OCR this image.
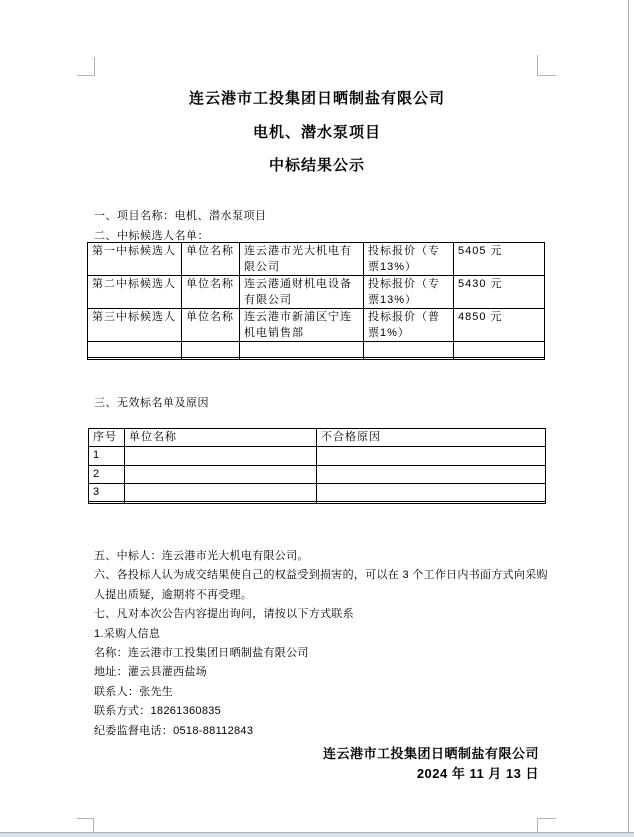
连云港市工投集团日晒制盐有限公司
电机、潜水泵项目
中标结果公示
一、项目名称：电机、潜水泵项目
二、中标候选人名单：
三、无效标名单及原因
第一中标候选人	单位名称	连云港市光大机电有限公司	投标报价（专票13%）	5405 元
第二中标候选人	单位名称	连云港通财机电设备有限公司	投标报价（专票13%）	5430 元
第三中标候选人	单位名称	连云港市新浦区宁连机电销售部	投标报价（普票1%）	4850 元

序号	单位名称	不合格原因
1		
2		
3		

五、中标人：连云港市光大机电有限公司。
六、各投标人认为成交结果使自己的权益受到损害的，可以在 3 个工作日内书面方式向采购
人提出质疑，逾期将不再受理。
七、凡对本次公告内容提出询问，请按以下方式联系
1.采购人信息
名称：连云港市工投集团日晒制盐有限公司
地址：灌云县灌西盐场
联系人：张先生
联系方式：18261360835
纪委监督电话：0518-88112843
连云港市工投集团日晒制盐有限公司
2024 年 11 月 13 日
